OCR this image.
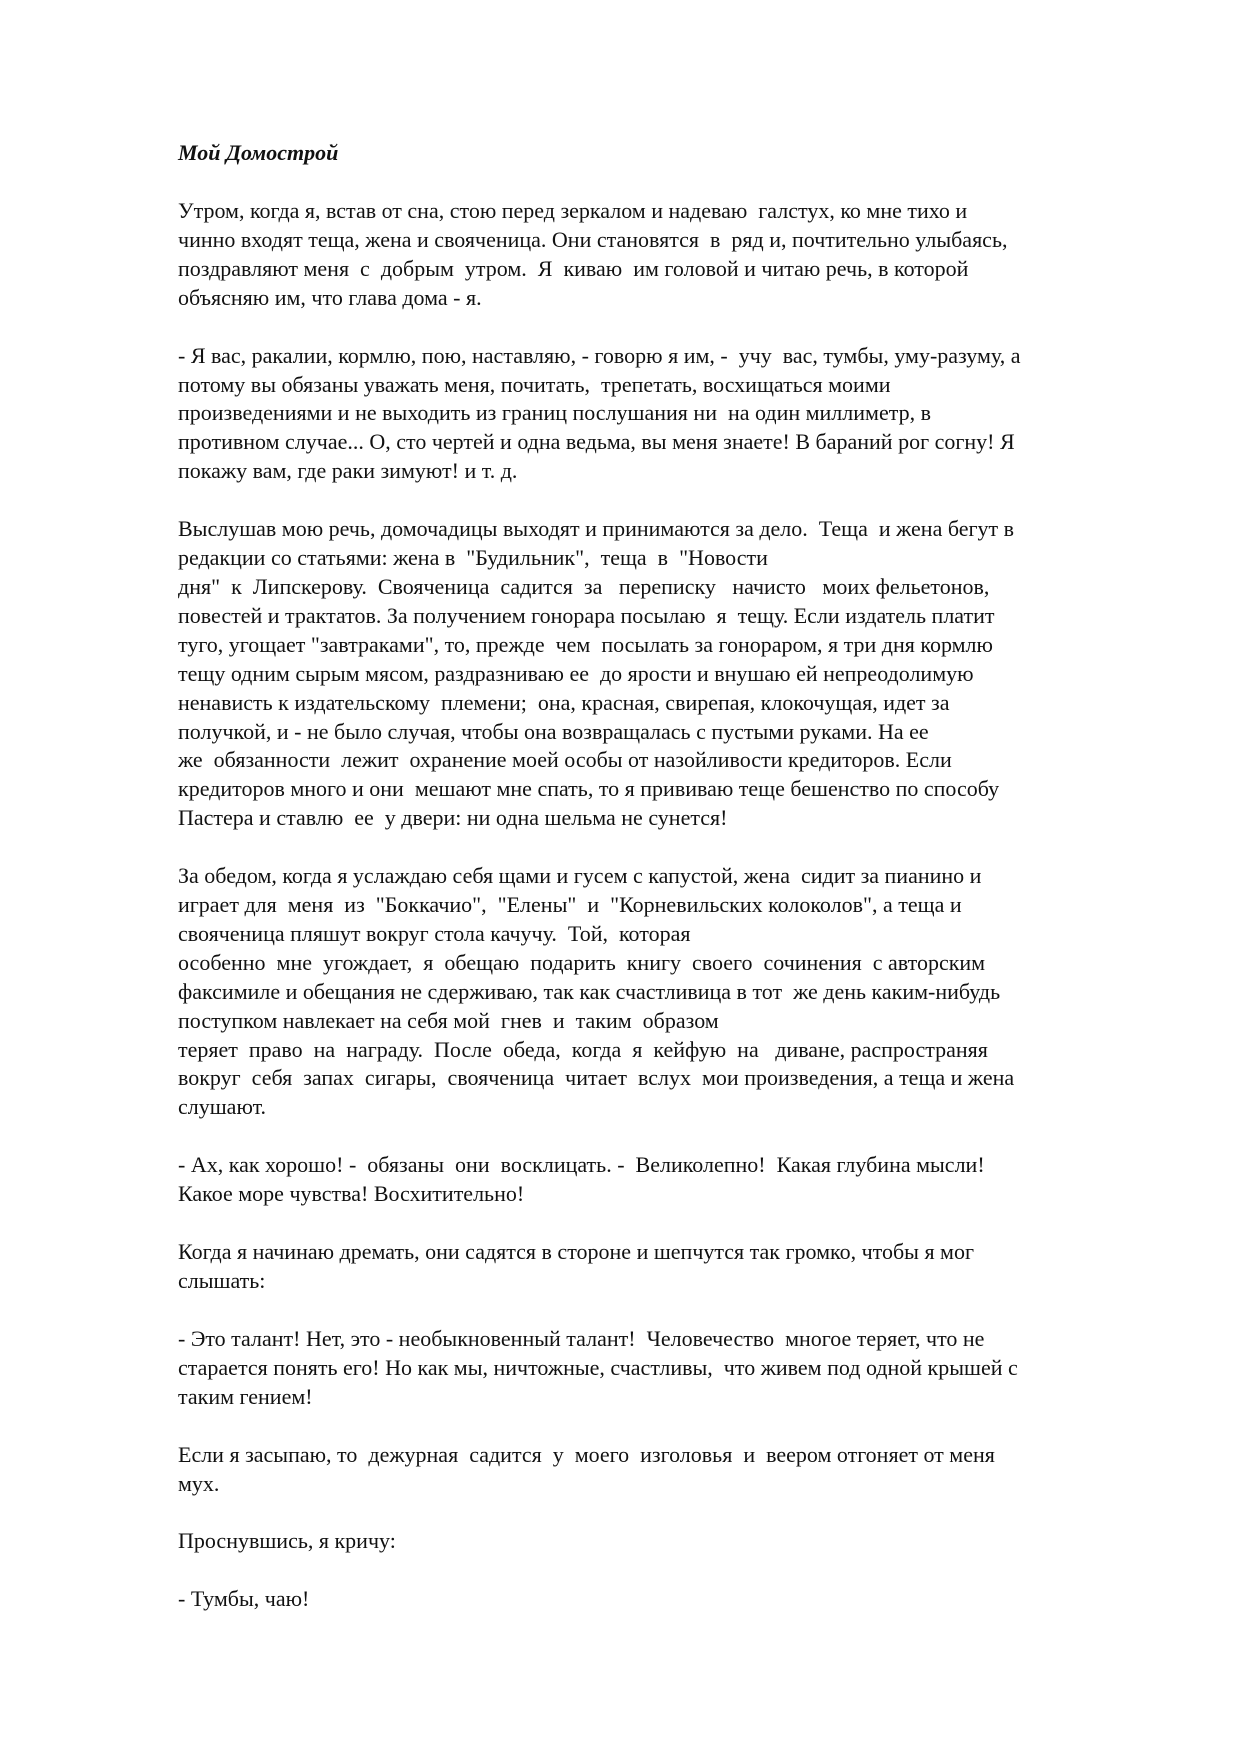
Мой Домострой
Утром, когда я, встав от сна, стою перед зеркалом и надеваю  галстух, ко мне тихо и
чинно входят теща, жена и свояченица. Они становятся  в  ряд и, почтительно улыбаясь,
поздравляют меня  с  добрым  утром.  Я  киваю  им головой и читаю речь, в которой
объясняю им, что глава дома - я.
- Я вас, ракалии, кормлю, пою, наставляю, - говорю я им, -  учу  вас, тумбы, уму-разуму, а
потому вы обязаны уважать меня, почитать,  трепетать, восхищаться моими
произведениями и не выходить из границ послушания ни  на один миллиметр, в
противном случае... О, сто чертей и одна ведьма, вы меня знаете! В бараний рог согну! Я
покажу вам, где раки зимуют! и т. д.
Выслушав мою речь, домочадицы выходят и принимаются за дело.  Теща  и жена бегут в
редакции со статьями: жена в  "Будильник",  теща  в  "Новости
дня"  к  Липскерову.  Свояченица  садится  за   переписку   начисто   моих фельетонов,
повестей и трактатов. За получением гонорара посылаю  я  тещу. Если издатель платит
туго, угощает "завтраками", то, прежде  чем  посылать за гонораром, я три дня кормлю
тещу одним сырым мясом, раздразниваю ее  до ярости и внушаю ей непреодолимую
ненависть к издательскому  племени;  она, красная, свирепая, клокочущая, идет за
получкой, и - не было случая, чтобы она возвращалась с пустыми руками. На ее
же  обязанности  лежит  охранение моей особы от назойливости кредиторов. Если
кредиторов много и они  мешают мне спать, то я прививаю теще бешенство по способу
Пастера и ставлю  ее  у двери: ни одна шельма не сунется!
За обедом, когда я услаждаю себя щами и гусем с капустой, жена  сидит за пианино и
играет для  меня  из  "Боккачио",  "Елены"  и  "Корневильских колоколов", а теща и
свояченица пляшут вокруг стола качучу.  Той,  которая
особенно  мне  угождает,  я  обещаю  подарить  книгу  своего  сочинения  с авторским
факсимиле и обещания не сдерживаю, так как счастливица в тот  же день каким-нибудь
поступком навлекает на себя мой  гнев  и  таким  образом
теряет  право  на  награду.  После  обеда,  когда  я  кейфую  на   диване, распространяя
вокруг  себя  запах  сигары,  свояченица  читает  вслух  мои произведения, а теща и жена
слушают.
- Ах, как хорошо! -  обязаны  они  восклицать. -  Великолепно!  Какая глубина мысли!
Какое море чувства! Восхитительно!
Когда я начинаю дремать, они садятся в стороне и шепчутся так громко, чтобы я мог
слышать:
- Это талант! Нет, это - необыкновенный талант!  Человечество  многое теряет, что не
старается понять его! Но как мы, ничтожные, счастливы,  что живем под одной крышей с
таким гением!
Если я засыпаю, то  дежурная  садится  у  моего  изголовья  и  веером отгоняет от меня
мух.
Проснувшись, я кричу:
- Тумбы, чаю!
